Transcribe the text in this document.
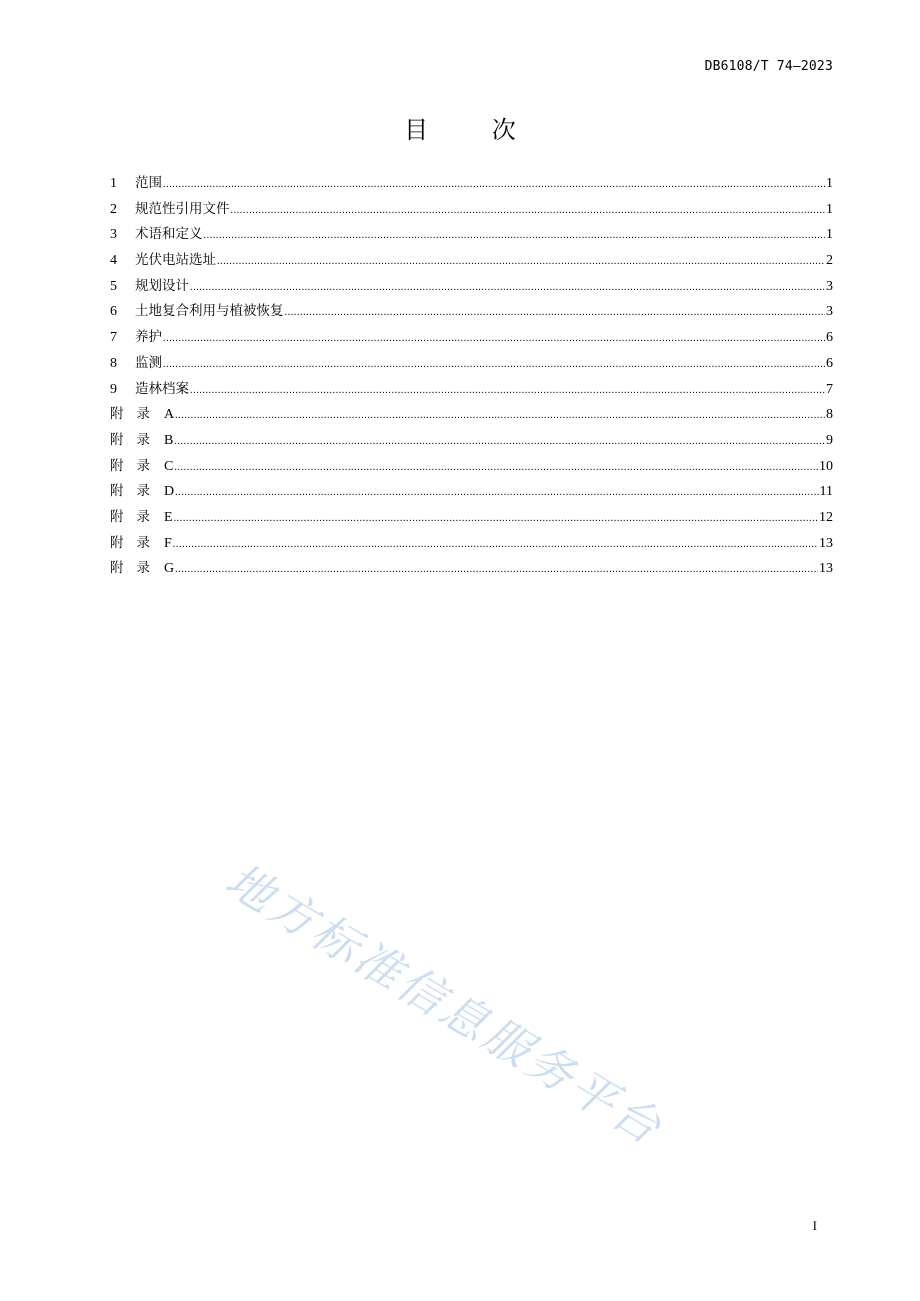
DB6108/T 74—2023
目 次
1	范围 .....	1
2	规范性引用文件 .....	1
3	术语和定义 .....	1
4	光伏电站选址 .....	2
5	规划设计 .....	3
6	土地复合利用与植被恢复 .....	3
7	养护 .....	6
8	监测 .....	6
9	造林档案 .....	7
附 录 A .....	8
附 录 B .....	9
附 录 C .....	10
附 录 D .....	11
附 录 E .....	12
附 录 F .....	13
附 录 G .....	13
地方标准信息服务平台
I
